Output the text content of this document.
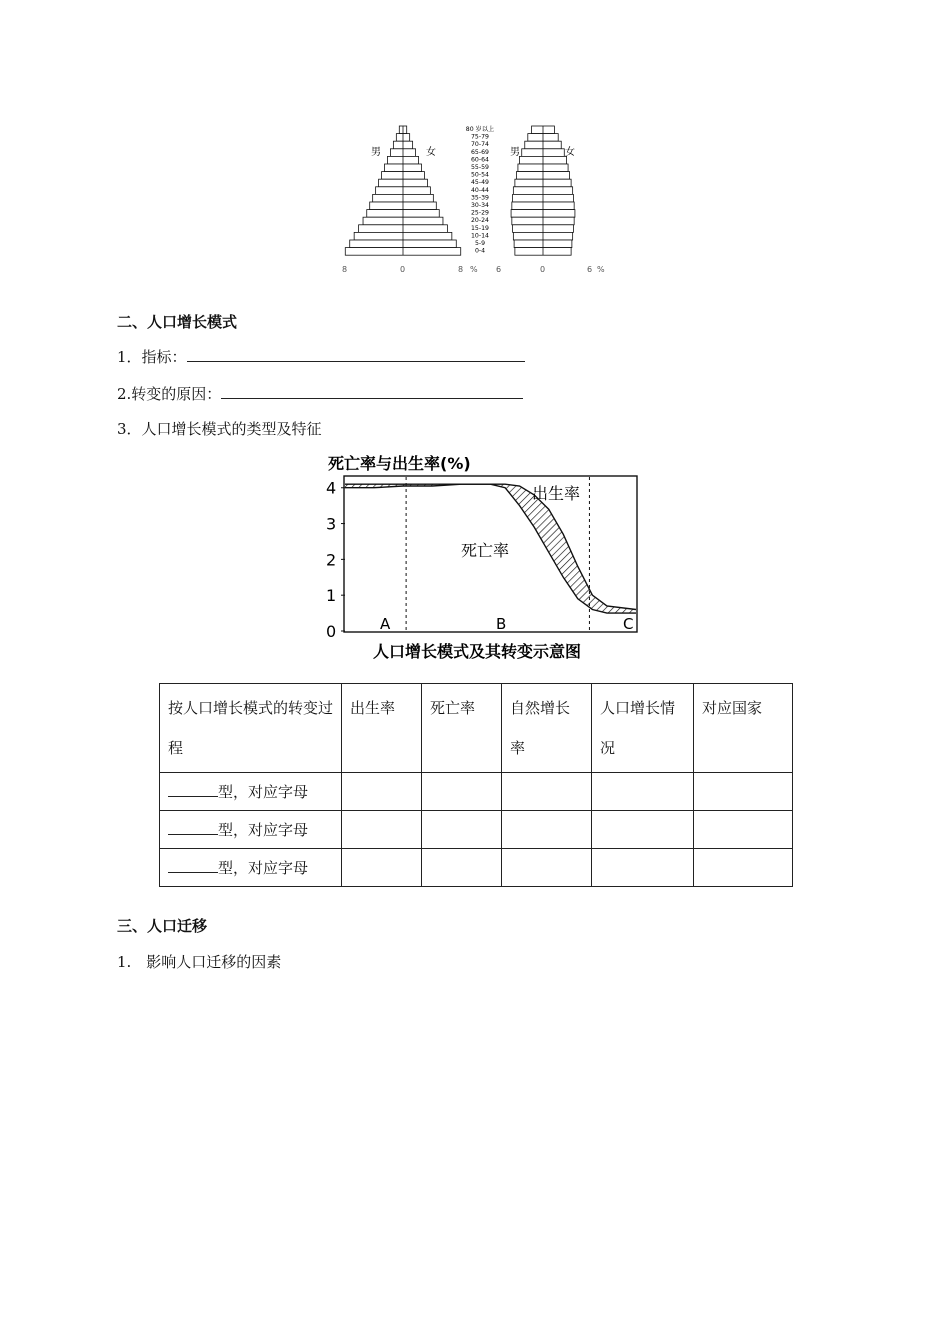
80 岁以上
75-79
70-74
65-69
60-64
55-59
50-54
45-49
40-44
35-39
30-34
25-29
20-24
15-19
10-14
5-9
0-4
男	女	男	女
8	0	8 % 6	0	6 %
二、人口增长模式
1．指标：
2.转变的原因：
3．人口增长模式的类型及特征
死亡率与出生率(%)
0
1
2
3
4	出生率
死亡率
A	B	C
人口增长模式及其转变示意图
按人口增长模式的转变过程	出生率	死亡率	自然增长率	人口增长情况	对应国家
型，对应字母					
型，对应字母					
型，对应字母					
三、人口迁移
1.　影响人口迁移的因素
